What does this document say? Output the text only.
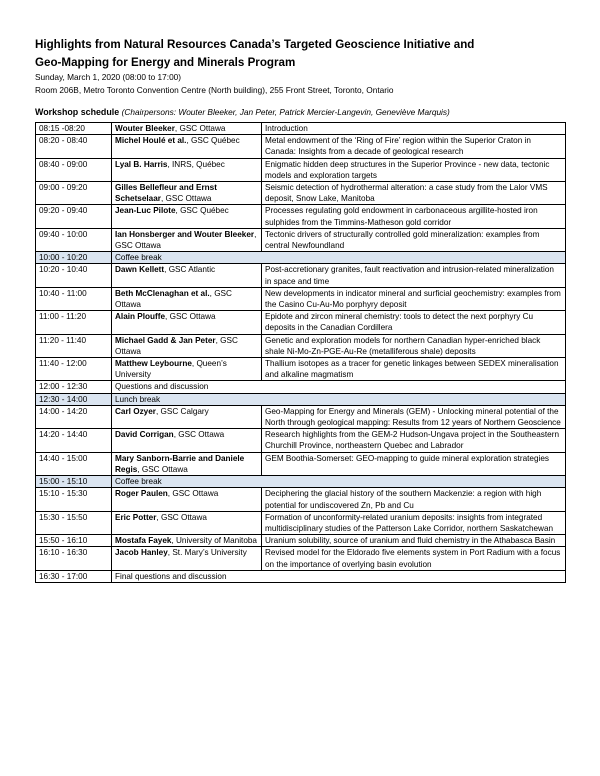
Highlights from Natural Resources Canada’s Targeted Geoscience Initiative and
Geo-Mapping for Energy and Minerals Program
Sunday, March 1, 2020 (08:00 to 17:00)
Room 206B, Metro Toronto Convention Centre (North building), 255 Front Street, Toronto, Ontario
Workshop schedule (Chairpersons: Wouter Bleeker, Jan Peter, Patrick Mercier-Langevin, Geneviève Marquis)
08:15 -08:20	Wouter Bleeker, GSC Ottawa	Introduction
08:20 - 08:40	Michel Houlé et al., GSC Québec	Metal endowment of the ‘Ring of Fire’ region within the Superior Craton in Canada: Insights from a decade of geological research
08:40 - 09:00	Lyal B. Harris, INRS, Québec	Enigmatic hidden deep structures in the Superior Province - new data, tectonic models and exploration targets
09:00 - 09:20	Gilles Bellefleur and Ernst Schetselaar, GSC Ottawa	Seismic detection of hydrothermal alteration: a case study from the Lalor VMS deposit, Snow Lake, Manitoba
09:20 - 09:40	Jean-Luc Pilote, GSC Québec	Processes regulating gold endowment in carbonaceous argillite-hosted iron sulphides from the Timmins-Matheson gold corridor
09:40 - 10:00	Ian Honsberger and Wouter Bleeker, GSC Ottawa	Tectonic drivers of structurally controlled gold mineralization: examples from central Newfoundland
10:00 - 10:20	Coffee break	
10:20 - 10:40	Dawn Kellett, GSC Atlantic	Post-accretionary granites, fault reactivation and intrusion-related mineralization in space and time
10:40 - 11:00	Beth McClenaghan et al., GSC Ottawa	New developments in indicator mineral and surficial geochemistry: examples from the Casino Cu-Au-Mo porphyry deposit
11:00 - 11:20	Alain Plouffe, GSC Ottawa	Epidote and zircon mineral chemistry: tools to detect the next porphyry Cu deposits in the Canadian Cordillera
11:20 - 11:40	Michael Gadd & Jan Peter, GSC Ottawa	Genetic and exploration models for northern Canadian hyper-enriched black shale Ni-Mo-Zn-PGE-Au-Re (metalliferous shale) deposits
11:40 - 12:00	Matthew Leybourne, Queen’s University	Thallium isotopes as a tracer for genetic linkages between SEDEX mineralisation and alkaline magmatism
12:00 - 12:30	Questions and discussion	
12:30 - 14:00	Lunch break	
14:00 - 14:20	Carl Ozyer, GSC Calgary	Geo-Mapping for Energy and Minerals (GEM) - Unlocking mineral potential of the North through geological mapping: Results from 12 years of Northern Geoscience
14:20 - 14:40	David Corrigan, GSC Ottawa	Research highlights from the GEM-2 Hudson-Ungava project in the Southeastern Churchill Province, northeastern Quebec and Labrador
14:40 - 15:00	Mary Sanborn-Barrie and Daniele Regis, GSC Ottawa	GEM Boothia-Somerset: GEO-mapping to guide mineral exploration strategies
15:00 - 15:10	Coffee break	
15:10 - 15:30	Roger Paulen, GSC Ottawa	Deciphering the glacial history of the southern Mackenzie: a region with high potential for undiscovered Zn, Pb and Cu
15:30 - 15:50	Eric Potter, GSC Ottawa	Formation of unconformity-related uranium deposits: insights from integrated multidisciplinary studies of the Patterson Lake Corridor, northern Saskatchewan
15:50 - 16:10	Mostafa Fayek, University of Manitoba	Uranium solubility, source of uranium and fluid chemistry in the Athabasca Basin
16:10 - 16:30	Jacob Hanley, St. Mary’s University	Revised model for the Eldorado five elements system in Port Radium with a focus on the importance of overlying basin evolution
16:30 - 17:00	Final questions and discussion	
